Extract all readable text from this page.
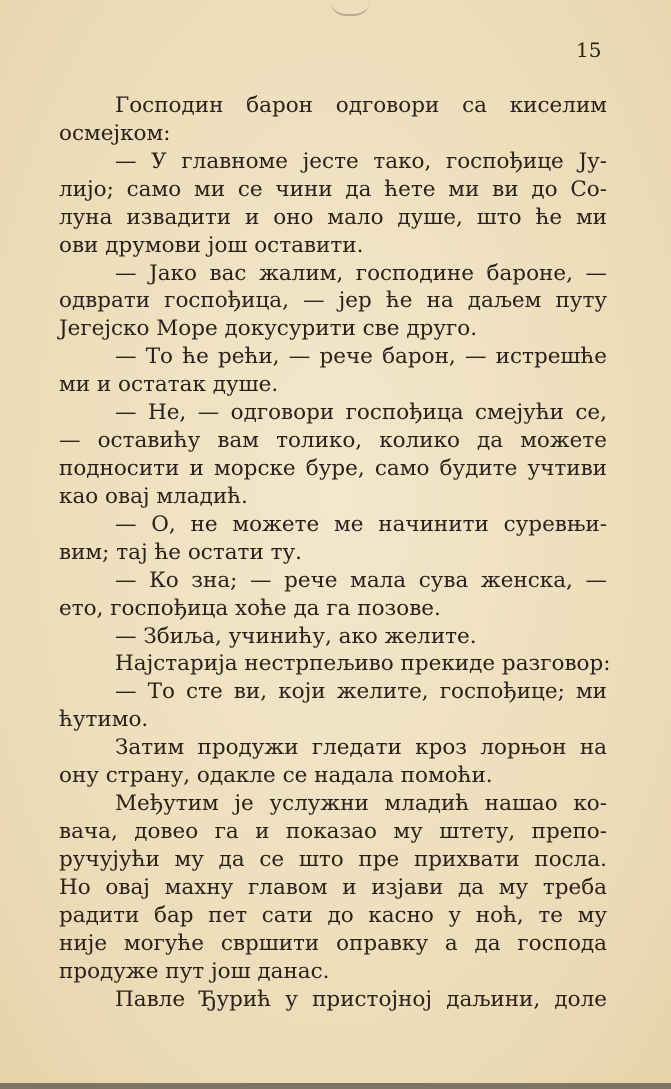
15
Господин барон одговори са киселим
осмејком:
— У главноме јесте тако, госпођице Ју-
лијо; само ми се чини да ћете ми ви до Со-
луна извадити и оно мало душе, што ће ми
ови друмови још оставити.
— Јако вас жалим, господине бароне, —
одврати госпођица, — јер ће на даљем путу
Јегејско Море докусурити све друго.
— То ће рећи, — рече барон, — истрешће
ми и остатак душе.
— Не, — одговори госпођица смејући се,
— оставићу вам толико, колико да можете
подносити и морске буре, само будите учтиви
као овај младић.
— О, не можете ме начинити суревњи-
вим; тај ће остати ту.
— Ко зна; — рече мала сува женска, —
ето, госпођица хоће да га позове.
— Збиља, учинићу, ако желите.
Најстарија нестрпељиво прекиде разговор:
— То сте ви, који желите, госпођице; ми
ћутимо.
Затим продужи гледати кроз лорњон на
ону страну, одакле се надала помоћи.
Међутим је услужни младић нашао ко-
вача, довео га и показао му штету, препо-
ручујући му да се што пре прихвати посла.
Но овај махну главом и изјави да му треба
радити бар пет сати до касно у ноћ, те му
није могуће свршити оправку а да господа
продуже пут још данас.
Павле Ђурић у пристојној даљини, доле
